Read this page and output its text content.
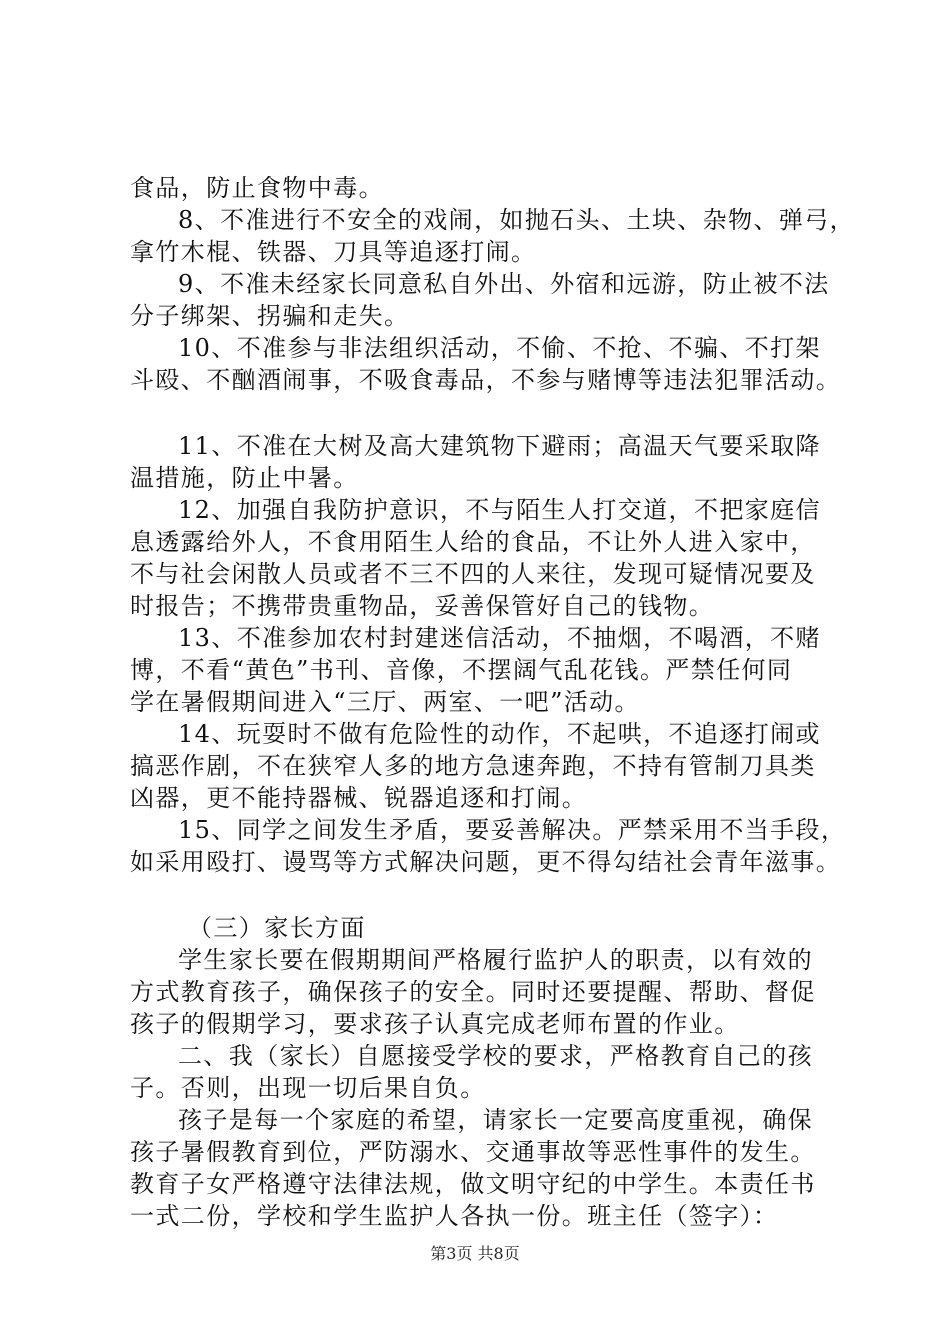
食品，防止食物中毒。
8、不准进行不安全的戏闹，如抛石头、土块、杂物、弹弓，
拿竹木棍、铁器、刀具等追逐打闹。
9、不准未经家长同意私自外出、外宿和远游，防止被不法
分子绑架、拐骗和走失。
10、不准参与非法组织活动，不偷、不抢、不骗、不打架
斗殴、不酗酒闹事，不吸食毒品，不参与赌博等违法犯罪活动。
11、不准在大树及高大建筑物下避雨；高温天气要采取降
温措施，防止中暑。
12、加强自我防护意识，不与陌生人打交道，不把家庭信
息透露给外人，不食用陌生人给的食品，不让外人进入家中，
不与社会闲散人员或者不三不四的人来往，发现可疑情况要及
时报告；不携带贵重物品，妥善保管好自己的钱物。
13、不准参加农村封建迷信活动，不抽烟，不喝酒，不赌
博，不看“黄色”书刊、音像，不摆阔气乱花钱。严禁任何同
学在暑假期间进入“三厅、两室、一吧”活动。
14、玩耍时不做有危险性的动作，不起哄，不追逐打闹或
搞恶作剧，不在狭窄人多的地方急速奔跑，不持有管制刀具类
凶器，更不能持器械、锐器追逐和打闹。
15、同学之间发生矛盾，要妥善解决。严禁采用不当手段，
如采用殴打、谩骂等方式解决问题，更不得勾结社会青年滋事。
（三）家长方面
学生家长要在假期期间严格履行监护人的职责，以有效的
方式教育孩子，确保孩子的安全。同时还要提醒、帮助、督促
孩子的假期学习，要求孩子认真完成老师布置的作业。
二、我（家长）自愿接受学校的要求，严格教育自己的孩
子。否则，出现一切后果自负。
孩子是每一个家庭的希望，请家长一定要高度重视，确保
孩子暑假教育到位，严防溺水、交通事故等恶性事件的发生。
教育子女严格遵守法律法规，做文明守纪的中学生。本责任书
一式二份，学校和学生监护人各执一份。班主任（签字）：
第3页 共8页
